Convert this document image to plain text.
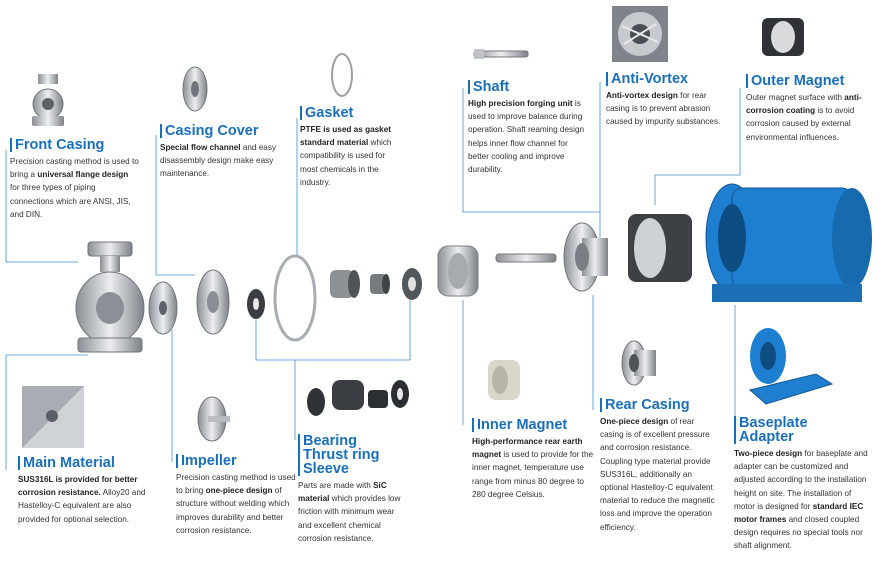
Front Casing
Precision casting method is used to bring a universal flange design for three types of piping connections which are ANSI, JIS, and DIN.
Casing Cover
Special flow channel and easy disassembly design make easy maintenance.
Gasket
PTFE is used as gasket standard material which compatibility is used for most chemicals in the industry.
Shaft
High precision forging unit is used to improve balance during operation. Shaft reaming design helps inner flow channel for better cooling and improve durability.
Anti-Vortex
Anti-vortex design for rear casing is to prevent abrasion caused by impurity substances.
Outer Magnet
Outer magnet surface with anti-corrosion coating is to avoid corrosion caused by external environmental influences.
Main Material
SUS316L is provided for better corrosion resistance. Alloy20 and Hastelloy-C equivalent are also provided for optional selection.
Impeller
Precision casting method is used to bring one-piece design of structure without welding which improves durability and better corrosion resistance.
Bearing Thrust ring Sleeve
Parts are made with SiC material which provides low friction with minimum wear and excellent chemical corrosion resistance.
Inner Magnet
High-performance rear earth magnet is used to provide for the inner magnet, temperature use range from minus 80 degree to 280 degree Celsius.
Rear Casing
One-piece design of rear casing is of excellent pressure and corrosion resistance. Coupling type material provide SUS316L, additionally an optional Hastelloy-C equivalent material to reduce the magnetic loss and improve the operation efficiency.
Baseplate Adapter
Two-piece design for baseplate and adapter can be customized and adjusted according to the installation height on site. The installation of motor is designed for standard IEC motor frames and closed coupled design requires no special tools nor shaft alignment.
